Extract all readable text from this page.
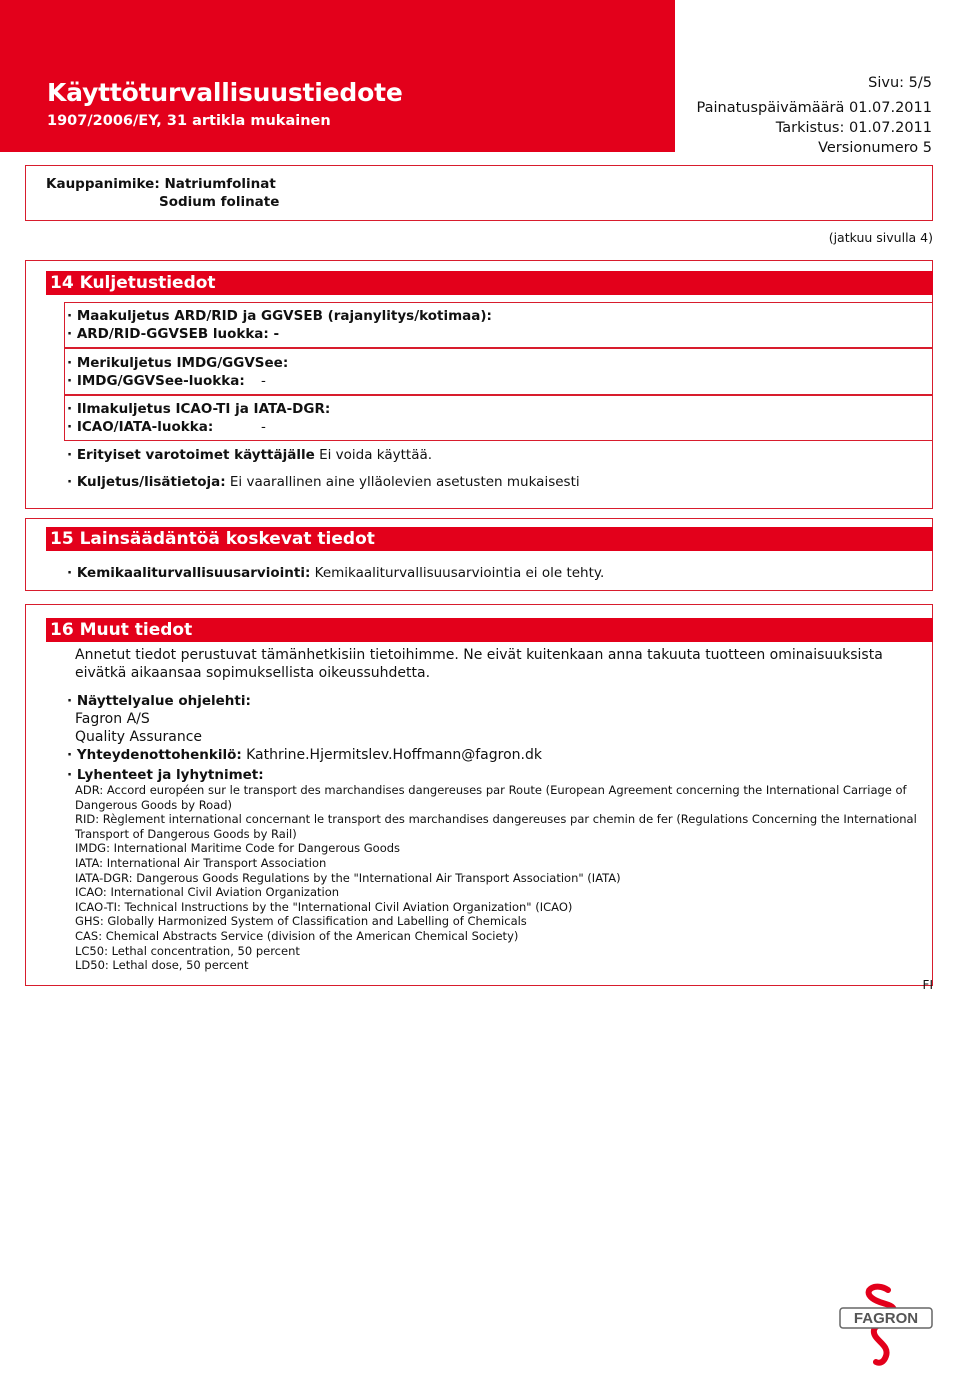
Käyttöturvallisuustiedote
1907/2006/EY, 31 artikla mukainen
Sivu: 5/5
Painatuspäivämäärä 01.07.2011
Tarkistus: 01.07.2011
Versionumero 5
Kauppanimike: Natriumfolinat
Sodium folinate
(jatkuu sivulla 4)
14 Kuljetustiedot
· Maakuljetus ARD/RID ja GGVSEB (rajanylitys/kotimaa):
· ARD/RID-GGVSEB luokka: -
· Merikuljetus IMDG/GGVSee:
· IMDG/GGVSee-luokka: -
· Ilmakuljetus ICAO-TI ja IATA-DGR:
· ICAO/IATA-luokka:	-
· Erityiset varotoimet käyttäjälle Ei voida käyttää.
· Kuljetus/lisätietoja: Ei vaarallinen aine ylläolevien asetusten mukaisesti
15 Lainsäädäntöä koskevat tiedot
· Kemikaaliturvallisuusarviointi: Kemikaaliturvallisuusarviointia ei ole tehty.
16 Muut tiedot
Annetut tiedot perustuvat tämänhetkisiin tietoihimme. Ne eivät kuitenkaan anna takuuta tuotteen ominaisuuksista
eivätkä aikaansaa sopimuksellista oikeussuhdetta.
· Näyttelyalue ohjelehti:
Fagron A/S
Quality Assurance
· Yhteydenottohenkilö: Kathrine.Hjermitslev.Hoffmann@fagron.dk
· Lyhenteet ja lyhytnimet:
ADR: Accord européen sur le transport des marchandises dangereuses par Route (European Agreement concerning the International Carriage of
Dangerous Goods by Road)
RID: Règlement international concernant le transport des marchandises dangereuses par chemin de fer (Regulations Concerning the International
Transport of Dangerous Goods by Rail)
IMDG: International Maritime Code for Dangerous Goods
IATA: International Air Transport Association
IATA-DGR: Dangerous Goods Regulations by the "International Air Transport Association" (IATA)
ICAO: International Civil Aviation Organization
ICAO-TI: Technical Instructions by the "International Civil Aviation Organization" (ICAO)
GHS: Globally Harmonized System of Classification and Labelling of Chemicals
CAS: Chemical Abstracts Service (division of the American Chemical Society)
LC50: Lethal concentration, 50 percent
LD50: Lethal dose, 50 percent
FI
FAGRON
